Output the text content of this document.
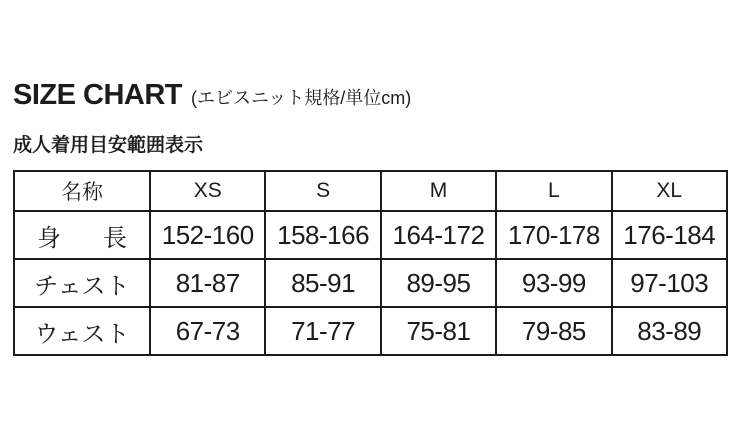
SIZE CHART (エビスニット規格/単位cm)
成人着用目安範囲表示
名称	XS	S	M	L	XL

身 長	152-160	158-166	164-172	170-178	176-184
チェスト	81-87	85-91	89-95	93-99	97-103
ウェスト	67-73	71-77	75-81	79-85	83-89
